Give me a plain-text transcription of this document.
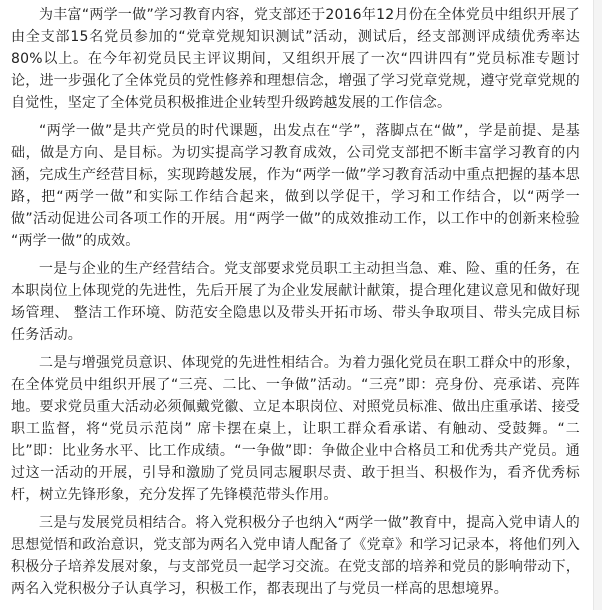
为丰富“两学一做”学习教育内容，党支部还于2016年12月份在全体党员中组织开展了由全支部15名党员参加的“党章党规知识测试”活动，测试后，经支部测评成绩优秀率达80%以上。在今年初党员民主评议期间，又组织开展了一次“四讲四有”党员标准专题讨论，进一步强化了全体党员的党性修养和理想信念，增强了学习党章党规，遵守党章党规的自觉性，坚定了全体党员积极推进企业转型升级跨越发展的工作信念。

“两学一做”是共产党员的时代课题，出发点在“学”，落脚点在“做”，学是前提、是基础，做是方向、是目标。为切实提高学习教育成效，公司党支部把不断丰富学习教育的内涵，完成生产经营目标，实现跨越发展，作为“两学一做”学习教育活动中重点把握的基本思路，把“两学一做”和实际工作结合起来，做到以学促干，学习和工作结合，以“两学一做”活动促进公司各项工作的开展。用“两学一做”的成效推动工作，以工作中的创新来检验 “两学一做”的成效。

一是与企业的生产经营结合。党支部要求党员职工主动担当急、难、险、重的任务，在本职岗位上体现党的先进性，先后开展了为企业发展献计献策，提合理化建议意见和做好现场管理、 整洁工作环境、防范安全隐患以及带头开拓市场、带头争取项目、带头完成目标任务活动。

二是与增强党员意识、体现党的先进性相结合。为着力强化党员在职工群众中的形象，在全体党员中组织开展了“三亮、二比、一争做”活动。“三亮”即：亮身份、亮承诺、亮阵地。要求党员重大活动必须佩戴党徽、立足本职岗位、对照党员标准、做出庄重承诺、接受职工监督，将“党员示范岗” 席卡摆在桌上，让职工群众看承诺、有触动、受鼓舞。“二比”即：比业务水平、比工作成绩。“一争做”即：争做企业中合格员工和优秀共产党员。通过这一活动的开展，引导和激励了党员同志履职尽责、敢于担当、积极作为，看齐优秀标杆，树立先锋形象，充分发挥了先锋模范带头作用。

三是与发展党员相结合。将入党积极分子也纳入“两学一做”教育中，提高入党申请人的思想觉悟和政治意识，党支部为两名入党申请人配备了《党章》和学习记录本，将他们列入积极分子培养发展对象，与支部党员一起学习交流。在党支部的培养和党员的影响带动下，两名入党积极分子认真学习，积极工作，都表现出了与党员一样高的思想境界。
